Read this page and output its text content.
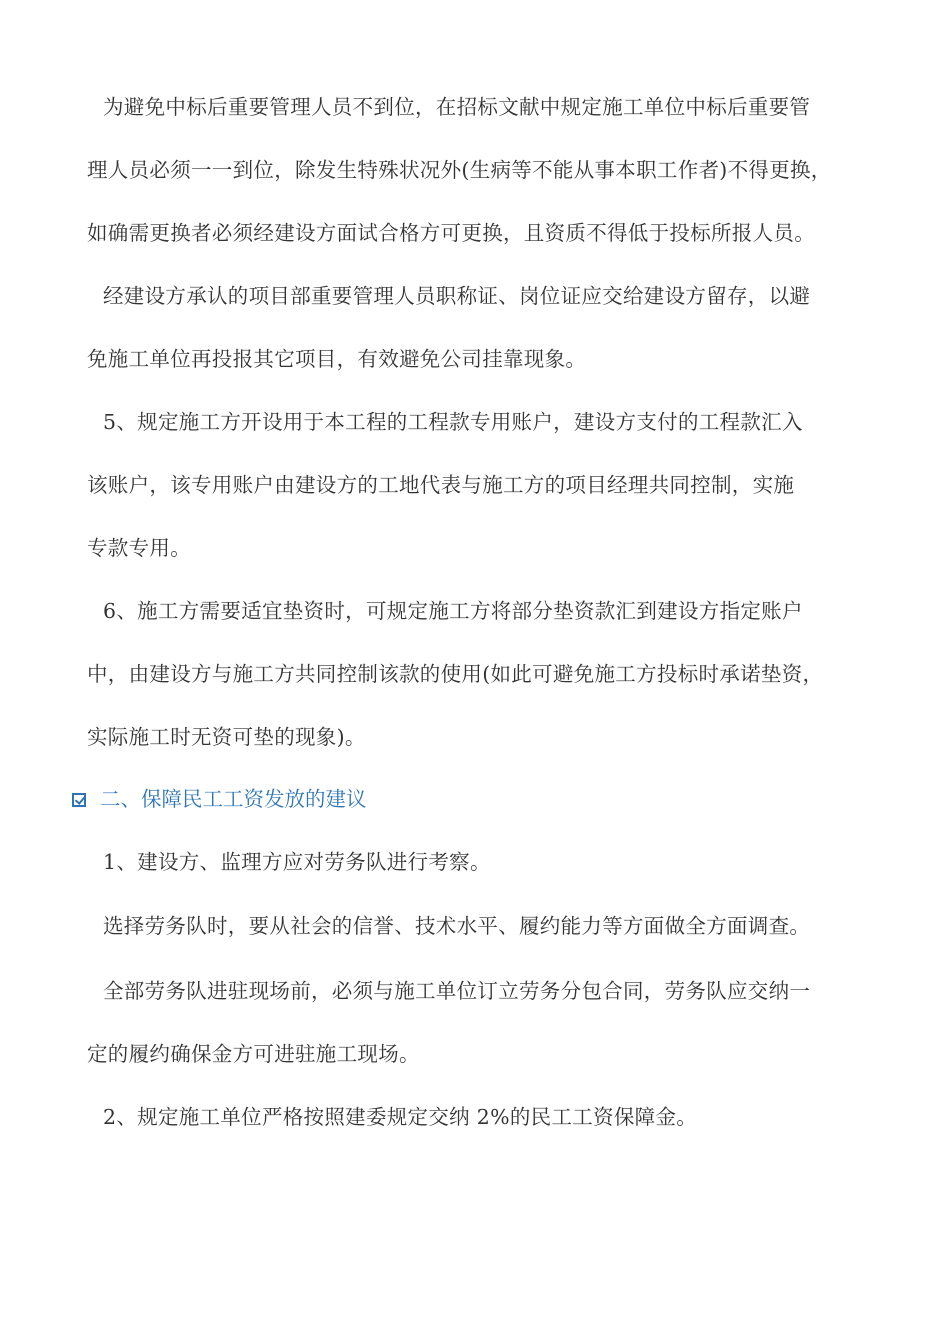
为避免中标后重要管理人员不到位，在招标文献中规定施工单位中标后重要管
理人员必须一一到位，除发生特殊状况外(生病等不能从事本职工作者)不得更换，
如确需更换者必须经建设方面试合格方可更换，且资质不得低于投标所报人员。
经建设方承认的项目部重要管理人员职称证、岗位证应交给建设方留存，以避
免施工单位再投报其它项目，有效避免公司挂靠现象。
5、规定施工方开设用于本工程的工程款专用账户，建设方支付的工程款汇入
该账户，该专用账户由建设方的工地代表与施工方的项目经理共同控制，实施
专款专用。
6、施工方需要适宜垫资时，可规定施工方将部分垫资款汇到建设方指定账户
中，由建设方与施工方共同控制该款的使用(如此可避免施工方投标时承诺垫资，
实际施工时无资可垫的现象)。
二、保障民工工资发放的建议
1、建设方、监理方应对劳务队进行考察。
选择劳务队时，要从社会的信誉、技术水平、履约能力等方面做全方面调查。
全部劳务队进驻现场前，必须与施工单位订立劳务分包合同，劳务队应交纳一
定的履约确保金方可进驻施工现场。
2、规定施工单位严格按照建委规定交纳 2%的民工工资保障金。
